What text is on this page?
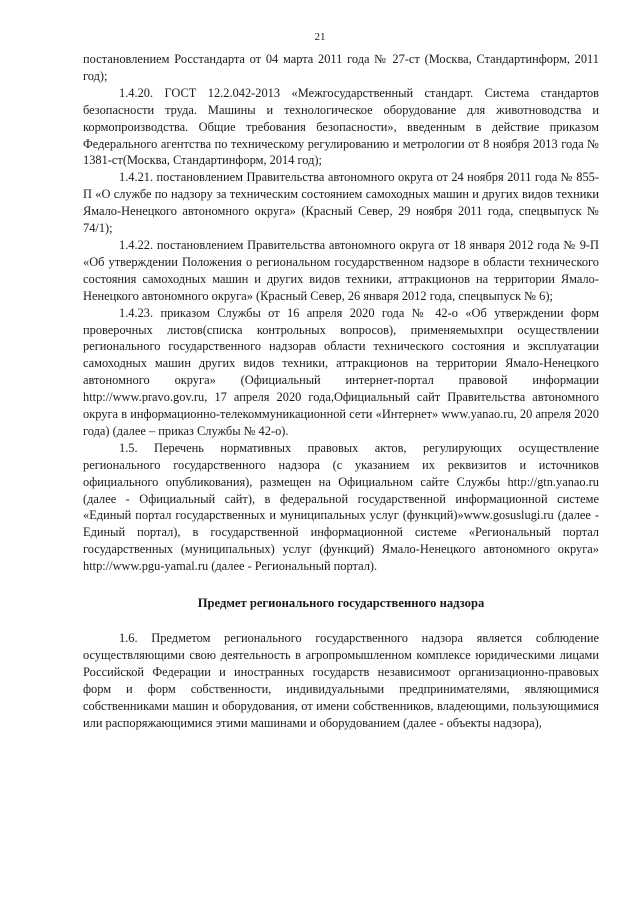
21

постановлением Росстандарта от 04 марта 2011 года № 27-ст (Москва, Стандартинформ, 2011 год);

1.4.20. ГОСТ 12.2.042-2013 «Межгосударственный стандарт. Система стандартов безопасности труда. Машины и технологическое оборудование для животноводства и кормопроизводства. Общие требования безопасности», введенным в действие приказом Федерального агентства по техническому регулированию и метрологии от 8 ноября 2013 года № 1381-ст(Москва, Стандартинформ, 2014 год);

1.4.21. постановлением Правительства автономного округа от 24 ноября 2011 года № 855-П «О службе по надзору за техническим состоянием самоходных машин и других видов техники Ямало-Ненецкого автономного округа» (Красный Север, 29 ноября 2011 года, спецвыпуск № 74/1);

1.4.22. постановлением Правительства автономного округа от 18 января 2012 года № 9-П «Об утверждении Положения о региональном государственном надзоре в области технического состояния самоходных машин и других видов техники, аттракционов на территории Ямало-Ненецкого автономного округа» (Красный Север, 26 января 2012 года, спецвыпуск № 6);

1.4.23. приказом Службы от 16 апреля 2020 года № 42-о «Об утверждении форм проверочных листов(списка контрольных вопросов), применяемыхпри осуществлении регионального государственного надзорав области технического состояния и эксплуатации самоходных машин других видов техники, аттракционов на территории Ямало-Ненецкого автономного округа» (Официальный интернет-портал правовой информации http://www.pravo.gov.ru, 17 апреля 2020 года,Официальный сайт Правительства автономного округа в информационно-телекоммуникационной сети «Интернет» www.yanao.ru, 20 апреля 2020 года) (далее – приказ Службы № 42-о).

1.5. Перечень нормативных правовых актов, регулирующих осуществление регионального государственного надзора (с указанием их реквизитов и источников официального опубликования), размещен на Официальном сайте Службы http://gtn.yanao.ru (далее - Официальный сайт), в федеральной государственной информационной системе «Единый портал государственных и муниципальных услуг (функций)»www.gosuslugi.ru (далее - Единый портал), в государственной информационной системе «Региональный портал государственных (муниципальных) услуг (функций) Ямало-Ненецкого автономного округа» http://www.pgu-yamal.ru (далее - Региональный портал).

Предмет регионального государственного надзора

1.6. Предметом регионального государственного надзора является соблюдение осуществляющими свою деятельность в агропромышленном комплексе юридическими лицами Российской Федерации и иностранных государств независимоот организационно-правовых форм и форм собственности, индивидуальными предпринимателями, являющимися собственниками машин и оборудования, от имени собственников, владеющими, пользующимися или распоряжающимися этими машинами и оборудованием (далее - объекты надзора),
